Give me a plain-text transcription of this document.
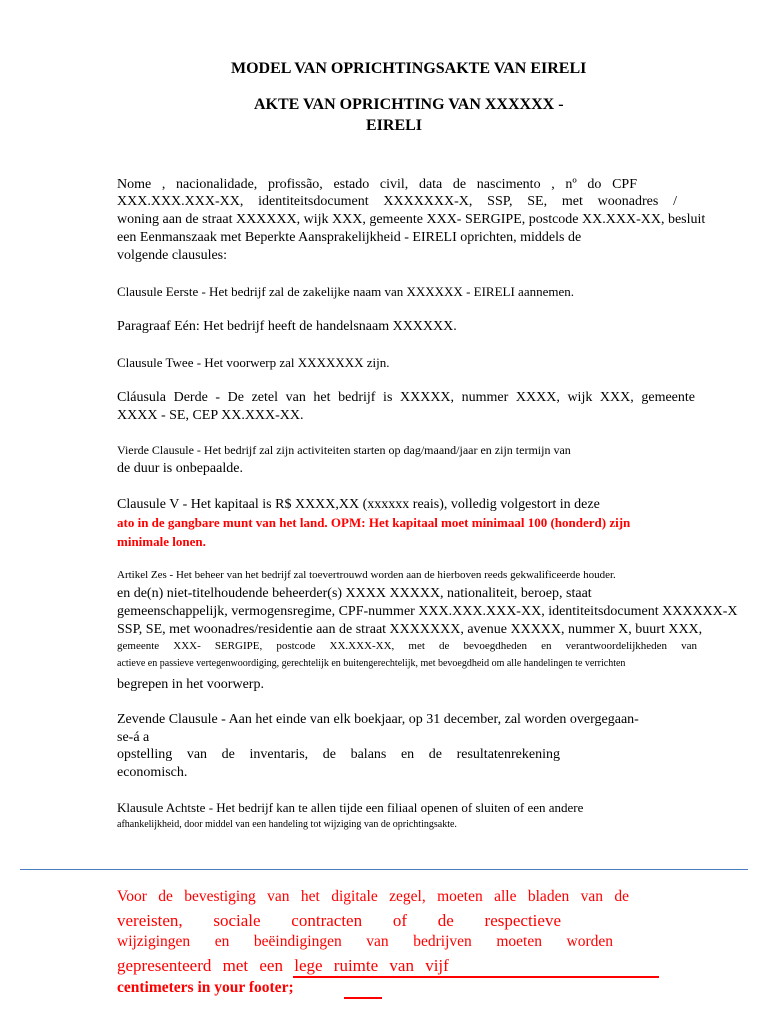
MODEL VAN OPRICHTINGSAKTE VAN EIRELI

AKTE VAN OPRICHTING VAN XXXXXX -

EIRELI

Nome , nacionalidade, profissão, estado civil, data de nascimento , nº do CPF

XXX.XXX.XXX-XX, identiteitsdocument XXXXXXX-X, SSP, SE, met woonadres /

woning aan de straat XXXXXX, wijk XXX, gemeente XXX- SERGIPE, postcode XX.XXX-XX, besluit

een Eenmanszaak met Beperkte Aansprakelijkheid - EIRELI oprichten, middels de

volgende clausules:

Clausule Eerste - Het bedrijf zal de zakelijke naam van XXXXXX - EIRELI aannemen.

Paragraaf Eén: Het bedrijf heeft de handelsnaam XXXXXX.

Clausule Twee - Het voorwerp zal XXXXXXX zijn.

Cláusula Derde - De zetel van het bedrijf is XXXXX, nummer XXXX, wijk XXX, gemeente

XXXX - SE, CEP XX.XXX-XX.

Vierde Clausule - Het bedrijf zal zijn activiteiten starten op dag/maand/jaar en zijn termijn van

de duur is onbepaalde.

Clausule V - Het kapitaal is R$ XXXX,XX (xxxxxx reais), volledig volgestort in deze

ato in de gangbare munt van het land. OPM: Het kapitaal moet minimaal 100 (honderd) zijn

minimale lonen.

Artikel Zes - Het beheer van het bedrijf zal toevertrouwd worden aan de hierboven reeds gekwalificeerde houder.

en de(n) niet-titelhoudende beheerder(s) XXXX XXXXX, nationaliteit, beroep, staat

gemeenschappelijk, vermogensregime, CPF-nummer XXX.XXX.XXX-XX, identiteitsdocument XXXXXX-X

SSP, SE, met woonadres/residentie aan de straat XXXXXXX, avenue XXXXX, nummer X, buurt XXX,

gemeente XXX- SERGIPE, postcode XX.XXX-XX, met de bevoegdheden en verantwoordelijkheden van

actieve en passieve vertegenwoordiging, gerechtelijk en buitengerechtelijk, met bevoegdheid om alle handelingen te verrichten

begrepen in het voorwerp.

Zevende Clausule - Aan het einde van elk boekjaar, op 31 december, zal worden overgegaan-

se-á a

opstelling van de inventaris, de balans en de resultatenrekening

economisch.

Klausule Achtste - Het bedrijf kan te allen tijde een filiaal openen of sluiten of een andere

afhankelijkheid, door middel van een handeling tot wijziging van de oprichtingsakte.

Voor de bevestiging van het digitale zegel, moeten alle bladen van de

vereisten, sociale contracten of de respectieve

wijzigingen en beëindigingen van bedrijven moeten worden

gepresenteerd met een lege ruimte van vijf

centimeters in your footer;
